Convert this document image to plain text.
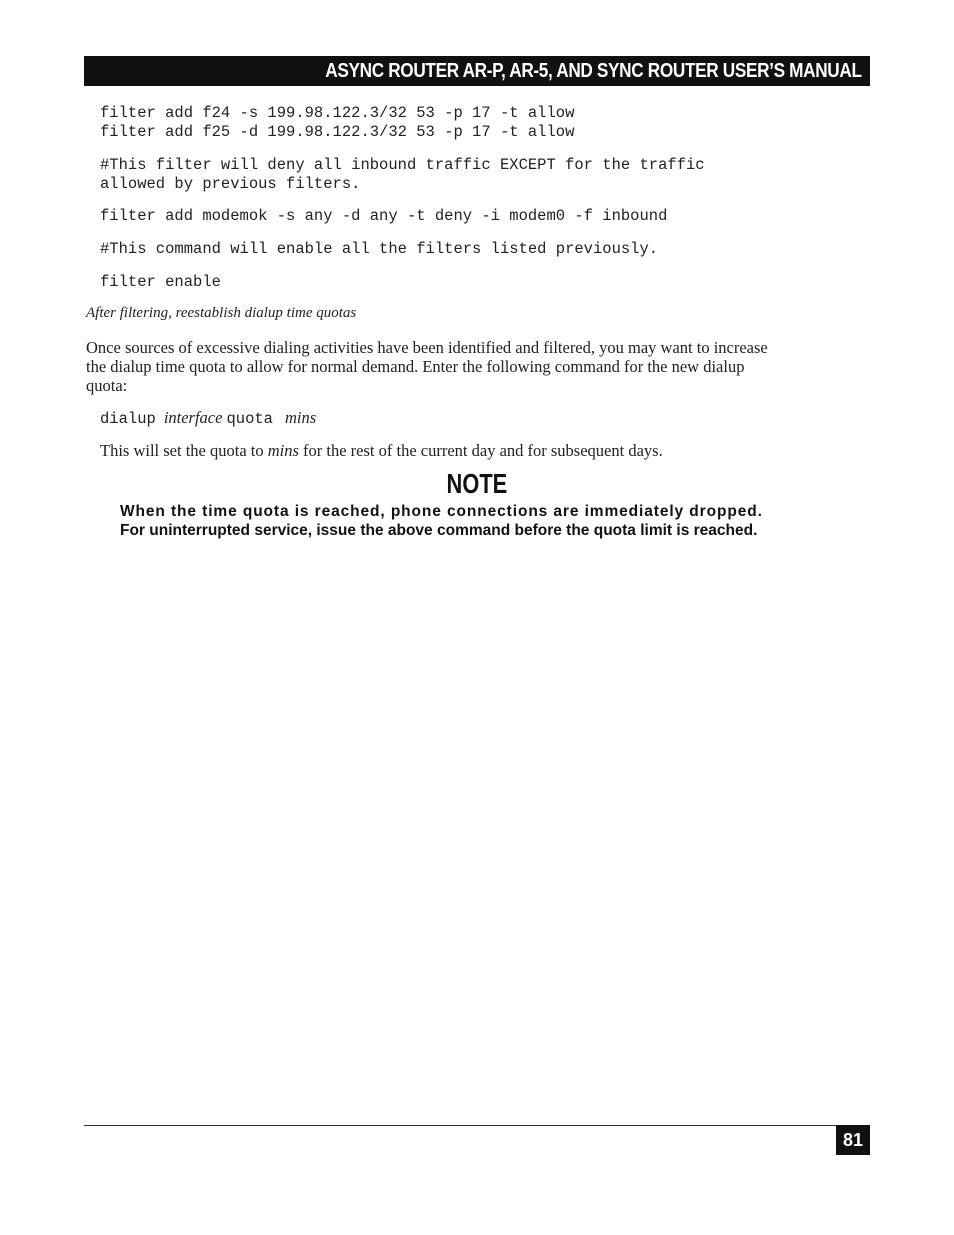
ASYNC ROUTER AR-P, AR-5, AND SYNC ROUTER USER’S MANUAL
filter add f24 -s 199.98.122.3/32 53 -p 17 -t allow
filter add f25 -d 199.98.122.3/32 53 -p 17 -t allow
#This filter will deny all inbound traffic EXCEPT for the traffic
allowed by previous filters.
filter add modemok -s any -d any -t deny -i modem0 -f inbound
#This command will enable all the filters listed previously.
filter enable
After filtering, reestablish dialup time quotas
Once sources of excessive dialing activities have been identified and filtered, you may want to increase
the dialup time quota to allow for normal demand. Enter the following command for the new dialup
quota:
dialup interface quota mins
This will set the quota to mins for the rest of the current day and for subsequent days.
NOTE
When the time quota is reached, phone connections are immediately dropped.
For uninterrupted service, issue the above command before the quota limit is reached.
81
